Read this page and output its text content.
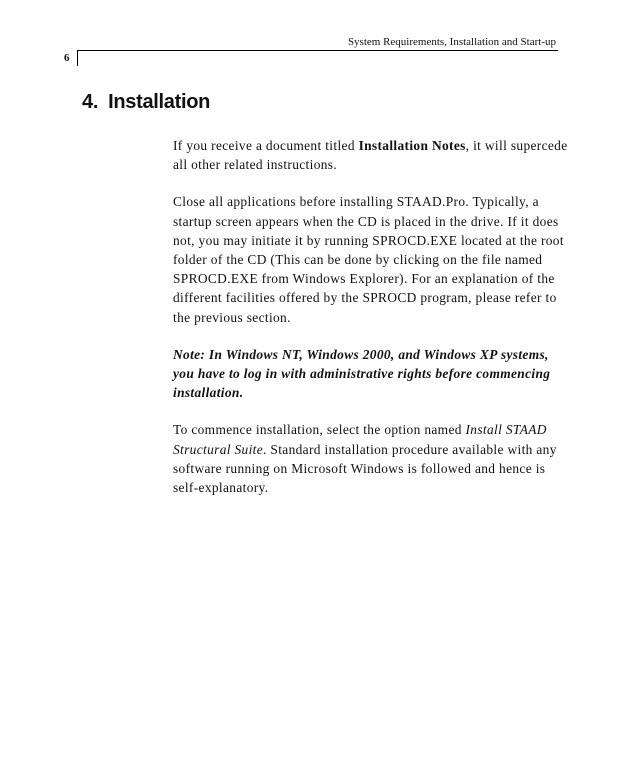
System Requirements, Installation and Start-up
6
4. Installation

If you receive a document titled Installation Notes, it will supercede all other related instructions.

Close all applications before installing STAAD.Pro. Typically, a startup screen appears when the CD is placed in the drive. If it does not, you may initiate it by running SPROCD.EXE located at the root folder of the CD (This can be done by clicking on the file named SPROCD.EXE from Windows Explorer). For an explanation of the different facilities offered by the SPROCD program, please refer to the previous section.

Note: In Windows NT, Windows 2000, and Windows XP systems, you have to log in with administrative rights before commencing installation.

To commence installation, select the option named Install STAAD Structural Suite. Standard installation procedure available with any software running on Microsoft Windows is followed and hence is self-explanatory.
